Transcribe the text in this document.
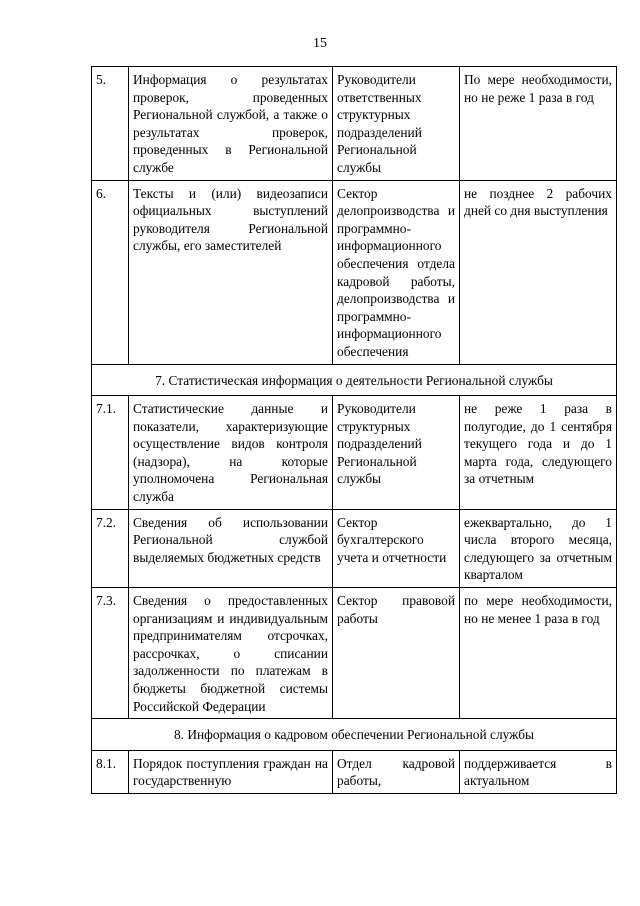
15
5.	Информация о результатах проверок, проведенных Региональной службой, а также о результатах проверок, проведенных в Региональной службе	Руководители ответственных структурных подразделений Региональной службы	По мере необходимости, но не реже 1 раза в год
6.	Тексты и (или) видеозаписи официальных выступлений руководителя Региональной службы, его заместителей	Сектор делопроизводства и программно-информационного обеспечения отдела кадровой работы, делопроизводства и программно-информационного обеспечения	не позднее 2 рабочих дней со дня выступления
7. Статистическая информация о деятельности Региональной службы			
7.1.	Статистические данные и показатели, характеризующие осуществление видов контроля (надзора), на которые уполномочена Региональная служба	Руководители структурных подразделений Региональной службы	не реже 1 раза в полугодие, до 1 сентября текущего года и до 1 марта года, следующего за отчетным
7.2.	Сведения об использовании Региональной службой выделяемых бюджетных средств	Сектор бухгалтерского учета и отчетности	ежеквартально, до 1 числа второго месяца, следующего за отчетным кварталом
7.3.	Сведения о предоставленных организациям и индивидуальным предпринимателям отсрочках, рассрочках, о списании задолженности по платежам в бюджеты бюджетной системы Российской Федерации	Сектор правовой работы	по мере необходимости, но не менее 1 раза в год
8. Информация о кадровом обеспечении Региональной службы			
8.1.	Порядок поступления граждан на государственную	Отдел кадровой работы,	поддерживается в актуальном
